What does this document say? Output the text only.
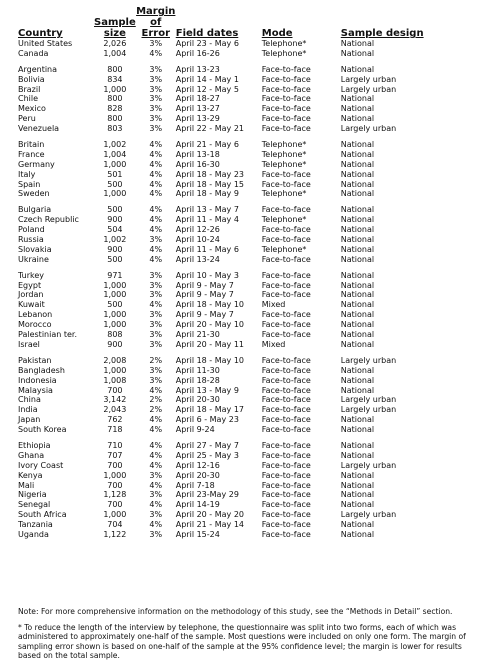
Country	Sample size	Margin of Error	Field dates	Mode	Sample design
United States	2,026	3%	April 23 - May 6	Telephone*	National
Canada	1,004	4%	April 16-26	Telephone*	National

Argentina	800	3%	April 13-23	Face-to-face	National
Bolivia	834	3%	April 14 - May 1	Face-to-face	Largely urban
Brazil	1,000	3%	April 12 - May 5	Face-to-face	Largely urban
Chile	800	3%	April 18-27	Face-to-face	National
Mexico	828	3%	April 13-27	Face-to-face	National
Peru	800	3%	April 13-29	Face-to-face	National
Venezuela	803	3%	April 22 - May 21	Face-to-face	Largely urban

Britain	1,002	4%	April 21 - May 6	Telephone*	National
France	1,004	4%	April 13-18	Telephone*	National
Germany	1,000	4%	April 16-30	Telephone*	National
Italy	501	4%	April 18 - May 23	Face-to-face	National
Spain	500	4%	April 18 - May 15	Face-to-face	National
Sweden	1,000	4%	April 18 - May 9	Telephone*	National

Bulgaria	500	4%	April 13 - May 7	Face-to-face	National
Czech Republic	900	4%	April 11 - May 4	Telephone*	National
Poland	504	4%	April 12-26	Face-to-face	National
Russia	1,002	3%	April 10-24	Face-to-face	National
Slovakia	900	4%	April 11 - May 6	Telephone*	National
Ukraine	500	4%	April 13-24	Face-to-face	National

Turkey	971	3%	April 10 - May 3	Face-to-face	National
Egypt	1,000	3%	April 9 - May 7	Face-to-face	National
Jordan	1,000	3%	April 9 - May 7	Face-to-face	National
Kuwait	500	4%	April 18 - May 10	Mixed	National
Lebanon	1,000	3%	April 9 - May 7	Face-to-face	National
Morocco	1,000	3%	April 20 - May 10	Face-to-face	National
Palestinian ter.	808	3%	April 21-30	Face-to-face	National
Israel	900	3%	April 20 - May 11	Mixed	National

Pakistan	2,008	2%	April 18 - May 10	Face-to-face	Largely urban
Bangladesh	1,000	3%	April 11-30	Face-to-face	National
Indonesia	1,008	3%	April 18-28	Face-to-face	National
Malaysia	700	4%	April 13 - May 9	Face-to-face	National
China	3,142	2%	April 20-30	Face-to-face	Largely urban
India	2,043	2%	April 18 - May 17	Face-to-face	Largely urban
Japan	762	4%	April 6 - May 23	Face-to-face	National
South Korea	718	4%	April 9-24	Face-to-face	National

Ethiopia	710	4%	April 27 - May 7	Face-to-face	National
Ghana	707	4%	April 25 - May 3	Face-to-face	National
Ivory Coast	700	4%	April 12-16	Face-to-face	Largely urban
Kenya	1,000	3%	April 20-30	Face-to-face	National
Mali	700	4%	April 7-18	Face-to-face	National
Nigeria	1,128	3%	April 23-May 29	Face-to-face	National
Senegal	700	4%	April 14-19	Face-to-face	National
South Africa	1,000	3%	April 20 - May 20	Face-to-face	Largely urban
Tanzania	704	4%	April 21 - May 14	Face-to-face	National
Uganda	1,122	3%	April 15-24	Face-to-face	National

Note: For more comprehensive information on the methodology of this study, see the “Methods in Detail” section.

* To reduce the length of the interview by telephone, the questionnaire was split into two forms, each of which was administered to approximately one-half of the sample. Most questions were included on only one form. The margin of sampling error shown is based on one-half of the sample at the 95% confidence level; the margin is lower for results based on the total sample.
